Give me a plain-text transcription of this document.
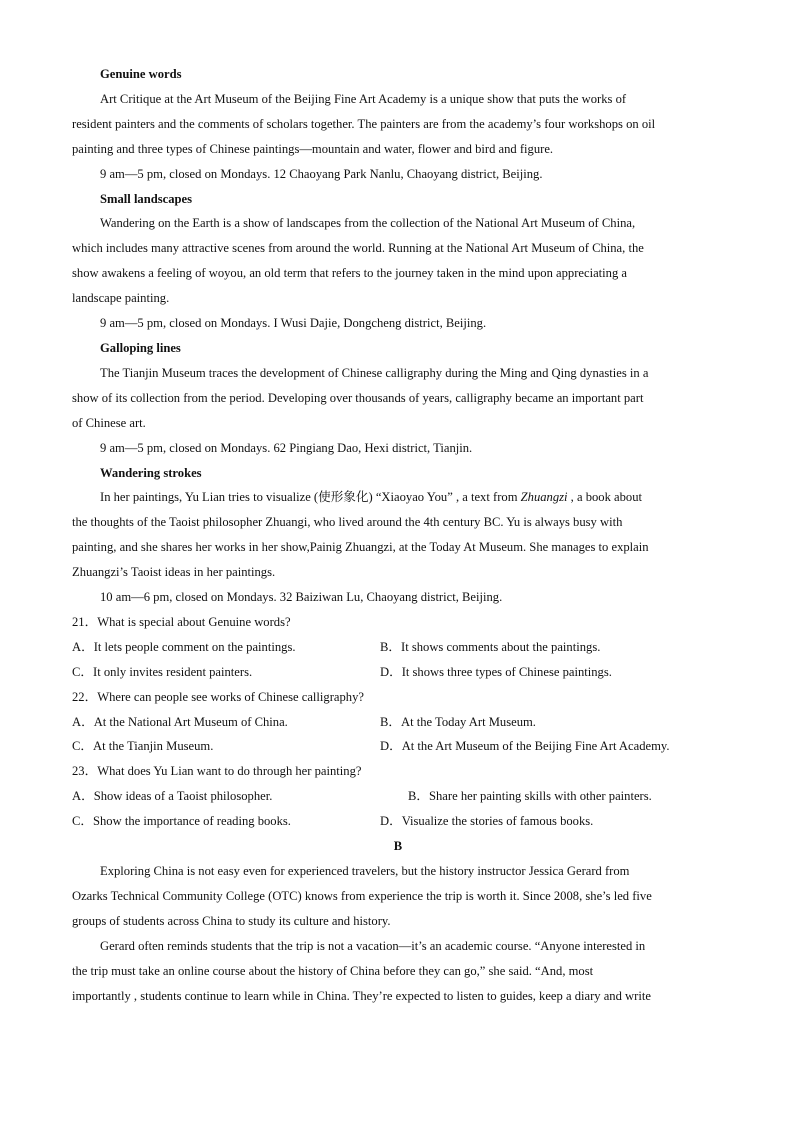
Genuine words
Art Critique at the Art Museum of the Beijing Fine Art Academy is a unique show that puts the works of
resident painters and the comments of scholars together. The painters are from the academy’s four workshops on oil
painting and three types of Chinese paintings—mountain and water, flower and bird and figure.
9 am—5 pm, closed on Mondays. 12 Chaoyang Park Nanlu, Chaoyang district, Beijing.
Small landscapes
Wandering on the Earth is a show of landscapes from the collection of the National Art Museum of China,
which includes many attractive scenes from around the world. Running at the National Art Museum of China, the
show awakens a feeling of woyou, an old term that refers to the journey taken in the mind upon appreciating a
landscape painting.
9 am—5 pm, closed on Mondays. I Wusi Dajie, Dongcheng district, Beijing.
Galloping lines
The Tianjin Museum traces the development of Chinese calligraphy during the Ming and Qing dynasties in a
show of its collection from the period. Developing over thousands of years, calligraphy became an important part
of Chinese art.
9 am—5 pm, closed on Mondays. 62 Pingiang Dao, Hexi district, Tianjin.
Wandering strokes
In her paintings, Yu Lian tries to visualize (使形象化) “Xiaoyao You” , a text from Zhuangzi , a book about
the thoughts of the Taoist philosopher Zhuangi, who lived around the 4th century BC. Yu is always busy with
painting, and she shares her works in her show,Painig Zhuangzi, at the Today At Museum. She manages to explain
Zhuangzi’s Taoist ideas in her paintings.
10 am—6 pm, closed on Mondays. 32 Baiziwan Lu, Chaoyang district, Beijing.
21．What is special about Genuine words?
A．It lets people comment on the paintings.	B．It shows comments about the paintings.
C．It only invites resident painters.	D．It shows three types of Chinese paintings.
22．Where can people see works of Chinese calligraphy?
A．At the National Art Museum of China.	B．At the Today Art Museum.
C．At the Tianjin Museum.	D．At the Art Museum of the Beijing Fine Art Academy.
23．What does Yu Lian want to do through her painting?
A．Show ideas of a Taoist philosopher.	B．Share her painting skills with other painters.
C．Show the importance of reading books.	D．Visualize the stories of famous books.
B
Exploring China is not easy even for experienced travelers, but the history instructor Jessica Gerard from
Ozarks Technical Community College (OTC) knows from experience the trip is worth it. Since 2008, she’s led five
groups of students across China to study its culture and history.
Gerard often reminds students that the trip is not a vacation—it’s an academic course. “Anyone interested in
the trip must take an online course about the history of China before they can go,” she said. “And, most
importantly , students continue to learn while in China. They’re expected to listen to guides, keep a diary and write
